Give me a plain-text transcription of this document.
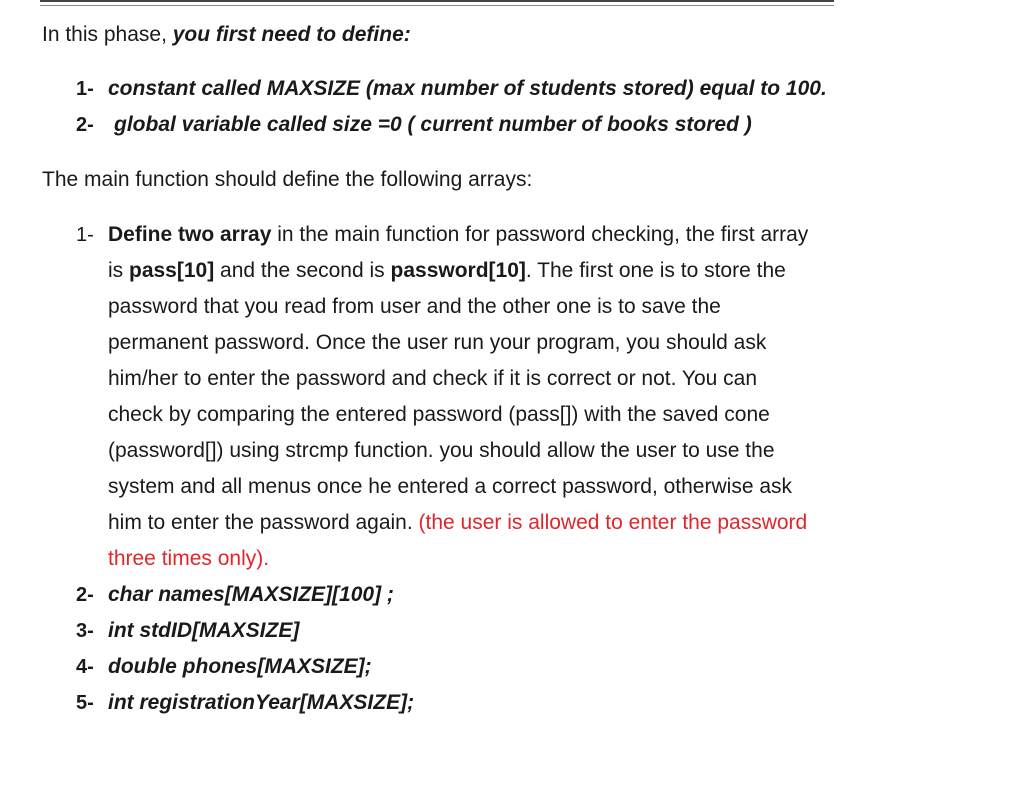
In this phase, you first need to define:
1- constant called MAXSIZE (max number of students stored) equal to 100.
2- global variable called size =0 ( current number of books stored )
The main function should define the following arrays:
1- Define two array in the main function for password checking, the first array
is pass[10] and the second is password[10]. The first one is to store the
password that you read from user and the other one is to save the
permanent password. Once the user run your program, you should ask
him/her to enter the password and check if it is correct or not. You can
check by comparing the entered password (pass[]) with the saved cone
(password[]) using strcmp function. you should allow the user to use the
system and all menus once he entered a correct password, otherwise ask
him to enter the password again. (the user is allowed to enter the password
three times only).
2- char names[MAXSIZE][100] ;
3- int stdID[MAXSIZE]
4- double phones[MAXSIZE];
5- int registrationYear[MAXSIZE];
